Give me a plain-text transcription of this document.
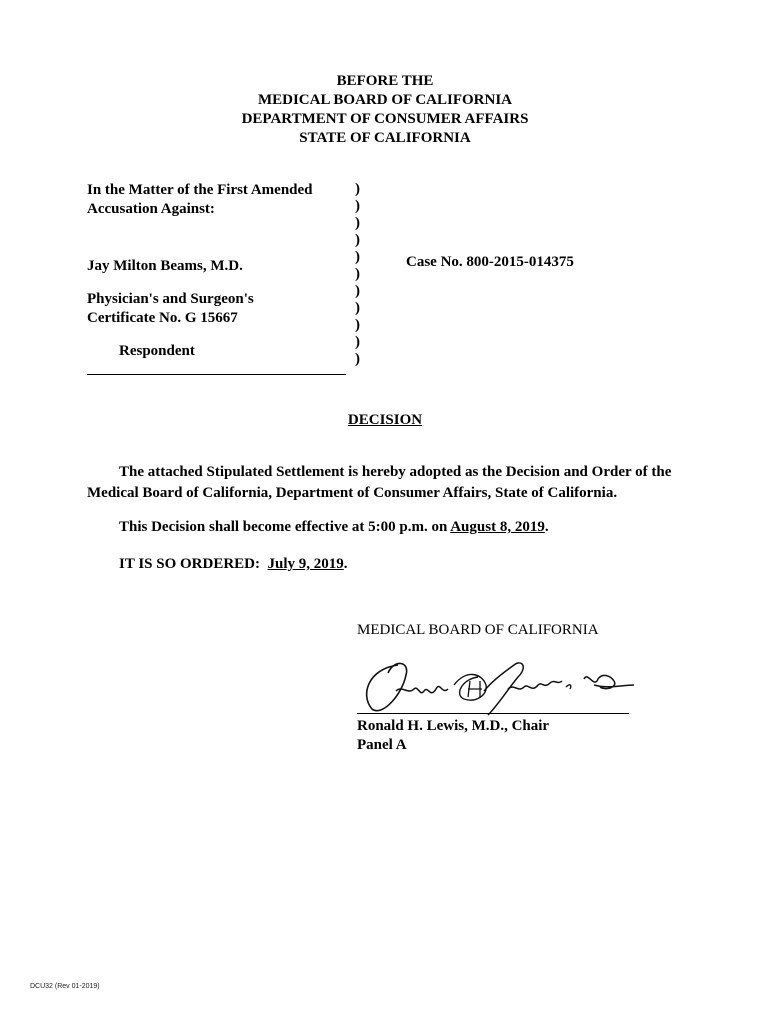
BEFORE THE
MEDICAL BOARD OF CALIFORNIA
DEPARTMENT OF CONSUMER AFFAIRS
STATE OF CALIFORNIA
In the Matter of the First Amended
Accusation Against:
Jay Milton Beams, M.D.
Physician's and Surgeon's
Certificate No. G 15667
Respondent
)
)
)
)
)
)
)
)
)
)
)
Case No. 800-2015-014375
DECISION

The attached Stipulated Settlement is hereby adopted as the Decision and Order of the Medical Board of California, Department of Consumer Affairs, State of California.

This Decision shall become effective at 5:00 p.m. on August 8, 2019.
IT IS SO ORDERED:  July 9, 2019.
MEDICAL BOARD OF CALIFORNIA
Ronald H. Lewis, M.D., Chair
Panel A
DCU32 (Rev 01-2019)
